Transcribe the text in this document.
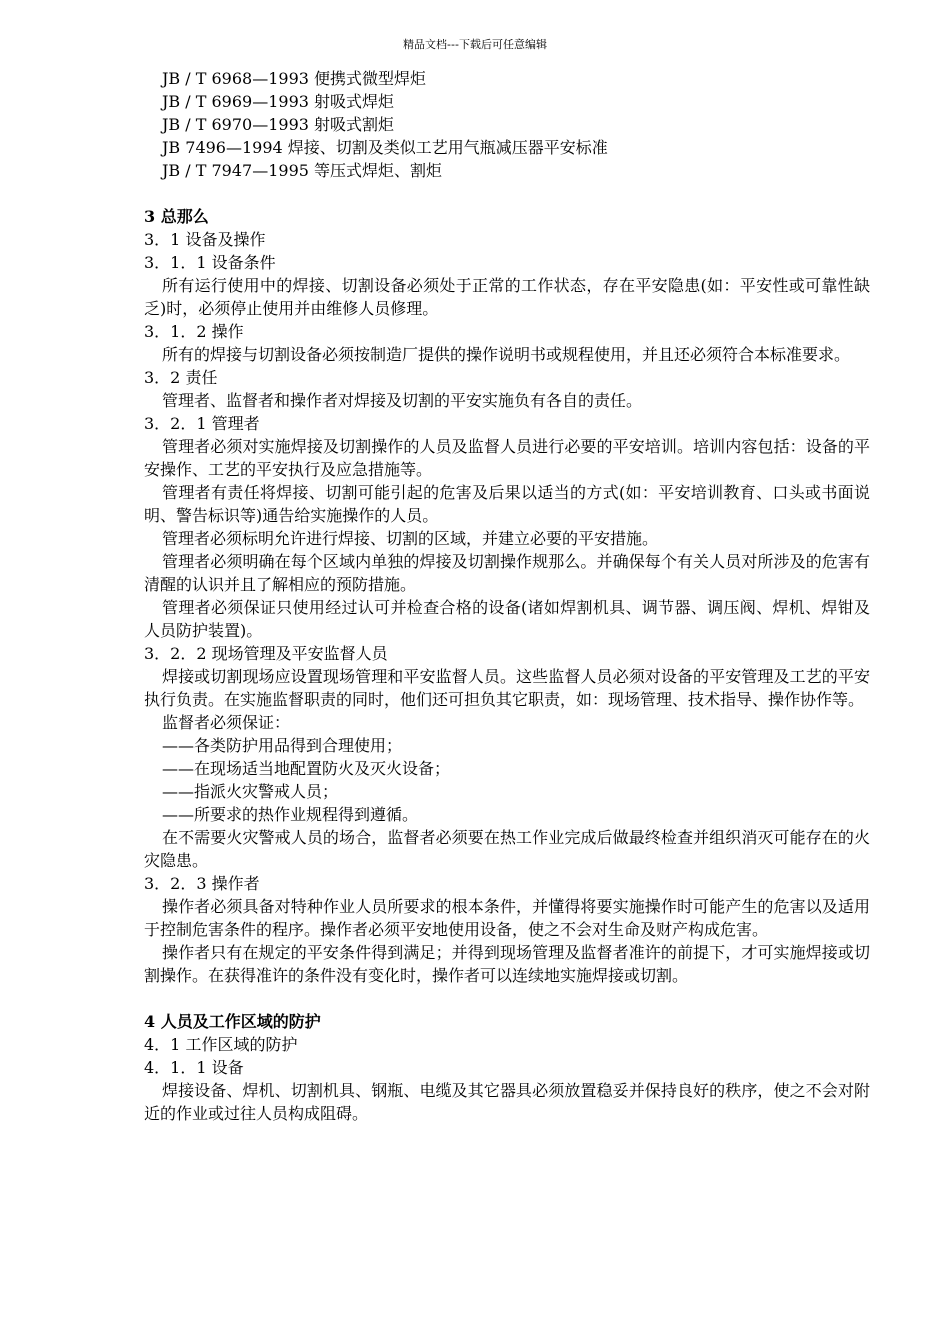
精品文档---下载后可任意编辑

JB / T 6968—1993 便携式微型焊炬

JB / T 6969—1993 射吸式焊炬

JB / T 6970—1993 射吸式割炬

JB 7496—1994 焊接、切割及类似工艺用气瓶减压器平安标准

JB / T 7947—1995 等压式焊炬、割炬

3 总那么

3．1 设备及操作

3．1．1 设备条件

所有运行使用中的焊接、切割设备必须处于正常的工作状态，存在平安隐患(如：平安性或可靠性缺乏)时，必须停止使用并由维修人员修理。

3．1．2 操作

所有的焊接与切割设备必须按制造厂提供的操作说明书或规程使用，并且还必须符合本标准要求。

3．2 责任

管理者、监督者和操作者对焊接及切割的平安实施负有各自的责任。

3．2．1 管理者

管理者必须对实施焊接及切割操作的人员及监督人员进行必要的平安培训。培训内容包括：设备的平安操作、工艺的平安执行及应急措施等。

管理者有责任将焊接、切割可能引起的危害及后果以适当的方式(如：平安培训教育、口头或书面说明、警告标识等)通告给实施操作的人员。

管理者必须标明允许进行焊接、切割的区域，并建立必要的平安措施。

管理者必须明确在每个区域内单独的焊接及切割操作规那么。并确保每个有关人员对所涉及的危害有清醒的认识并且了解相应的预防措施。

管理者必须保证只使用经过认可并检查合格的设备(诸如焊割机具、调节器、调压阀、焊机、焊钳及人员防护装置)。

3．2．2 现场管理及平安监督人员

焊接或切割现场应设置现场管理和平安监督人员。这些监督人员必须对设备的平安管理及工艺的平安执行负责。在实施监督职责的同时，他们还可担负其它职责，如：现场管理、技术指导、操作协作等。

监督者必须保证：

——各类防护用品得到合理使用；

——在现场适当地配置防火及灭火设备；

——指派火灾警戒人员；

——所要求的热作业规程得到遵循。

在不需要火灾警戒人员的场合，监督者必须要在热工作业完成后做最终检查并组织消灭可能存在的火灾隐患。

3．2．3 操作者

操作者必须具备对特种作业人员所要求的根本条件，并懂得将要实施操作时可能产生的危害以及适用于控制危害条件的程序。操作者必须平安地使用设备，使之不会对生命及财产构成危害。

操作者只有在规定的平安条件得到满足；并得到现场管理及监督者准许的前提下，才可实施焊接或切割操作。在获得准许的条件没有变化时，操作者可以连续地实施焊接或切割。

4 人员及工作区域的防护

4．1 工作区域的防护

4．1．1 设备

焊接设备、焊机、切割机具、钢瓶、电缆及其它器具必须放置稳妥并保持良好的秩序，使之不会对附近的作业或过往人员构成阻碍。
